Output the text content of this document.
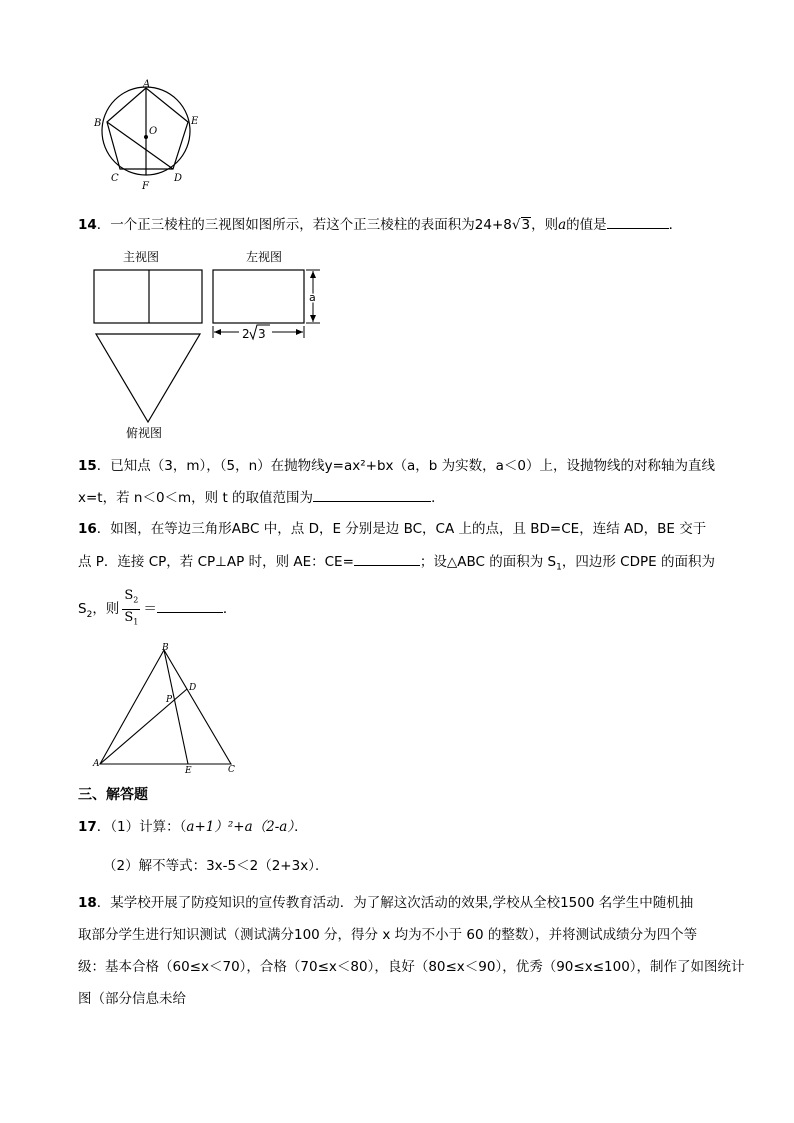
A
B
C	D
E
F
O
14．一个正三棱柱的三视图如图所示，若这个正三棱柱的表面积为24+8√3，则a的值是	．
主视图	左视图
a
2 3
俯视图
15．已知点（3，m），（5，n）在抛物线y=ax²+bx（a，b 为实数，a＜0）上，设抛物线的对称轴为直线
x=t，若 n＜0＜m，则 t 的取值范围为	．
16．如图，在等边三角形ABC 中，点 D，E 分别是边 BC，CA 上的点，且 BD=CE，连结 AD，BE 交于
点 P．连接 CP，若 CP⊥AP 时，则 AE：CE=	；设△ABC 的面积为 $S_1$，四边形 CDPE 的面积为
$S_2$，则 $\frac{S_2}{S_1}$ ＝	．
B
A
C
D
E
P
三、解答题
17．（1）计算：（a+1）²+a（2-a）．
（2）解不等式：3x-5＜2（2+3x）．
18．某学校开展了防疫知识的宣传教育活动．为了解这次活动的效果,学校从全校1500 名学生中随机抽
取部分学生进行知识测试（测试满分100 分，得分 x 均为不小于 60 的整数），并将测试成绩分为四个等
级：基本合格（60≤x＜70），合格（70≤x＜80），良好（80≤x＜90），优秀（90≤x≤100），制作了如图统计
图（部分信息未给
